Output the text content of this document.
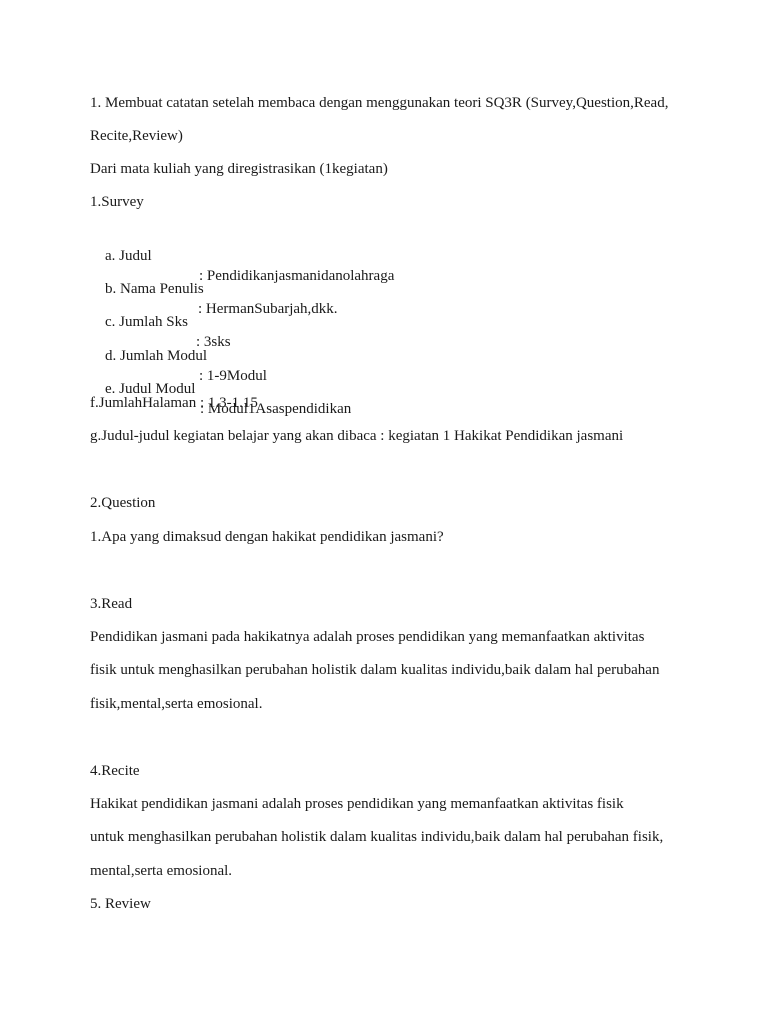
1. Membuat catatan setelah membaca dengan menggunakan teori SQ3R (Survey,Question,Read,
Recite,Review)
Dari mata kuliah yang diregistrasikan (1kegiatan)
1.Survey

a. Judul

: Pendidikanjasmanidanolahraga

b. Nama Penulis

: HermanSubarjah,dkk.

c. Jumlah Sks

: 3sks

d. Jumlah Modul

: 1-9Modul

e. Judul Modul

: Modul1Asaspendidikan

f.JumlahHalaman : 1.3-1.15
g.Judul-judul kegiatan belajar yang akan dibaca : kegiatan 1 Hakikat Pendidikan jasmani
2.Question
1.Apa yang dimaksud dengan hakikat pendidikan jasmani?
3.Read
Pendidikan jasmani pada hakikatnya adalah proses pendidikan yang memanfaatkan aktivitas
fisik untuk menghasilkan perubahan holistik dalam kualitas individu,baik dalam hal perubahan
fisik,mental,serta emosional.
4.Recite
Hakikat pendidikan jasmani adalah proses pendidikan yang memanfaatkan aktivitas fisik
untuk menghasilkan perubahan holistik dalam kualitas individu,baik dalam hal perubahan fisik,
mental,serta emosional.
5. Review
